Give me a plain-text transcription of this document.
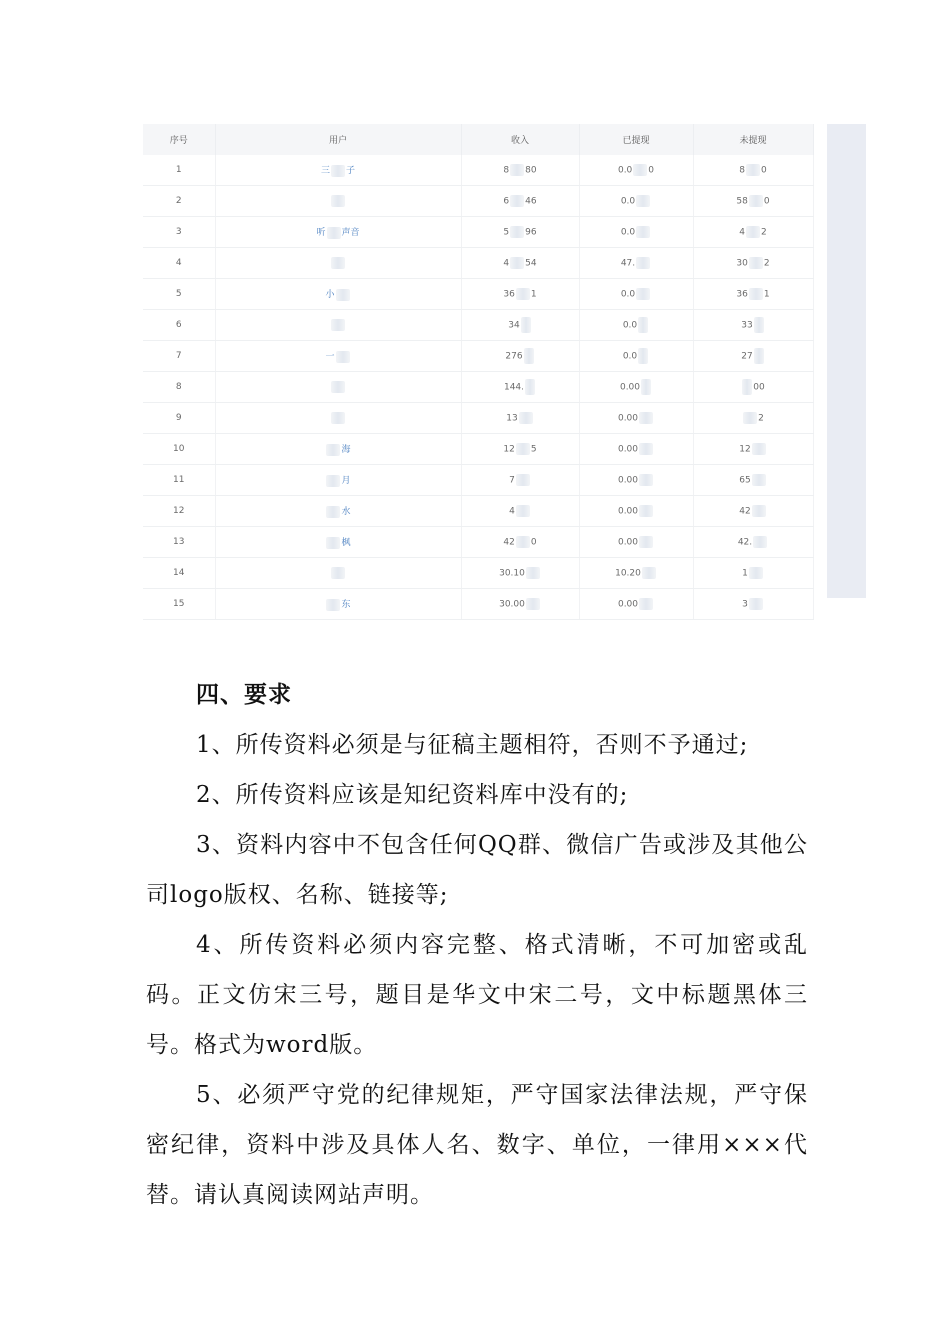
序号	用户	收入	已提现	未提现
1	三 子	8 80	0.0 0	8 0
2		6 46	0.0	58 0
3	听 声音	5 96	0.0	4 2
4		4 54	47.	30 2
5	小	36 1	0.0	36 1
6		34	0.0	33
7	一	276	0.0	27
8		144.	0.00	00
9		13	0.00	2
10	海	12 5	0.00	12
11	月	7	0.00	65
12	水	4	0.00	42
13	枫	42 0	0.00	42.
14		30.10	10.20	1
15	东	30.00	0.00	3
四、要求

1、所传资料必须是与征稿主题相符，否则不予通过;

2、所传资料应该是知纪资料库中没有的;

3、资料内容中不包含任何QQ群、微信广告或涉及其他公司logo版权、名称、链接等;

4、所传资料必须内容完整、格式清晰，不可加密或乱码。正文仿宋三号，题目是华文中宋二号，文中标题黑体三号。格式为word版。

5、必须严守党的纪律规矩，严守国家法律法规，严守保密纪律，资料中涉及具体人名、数字、单位，一律用×××代替。请认真阅读网站声明。
